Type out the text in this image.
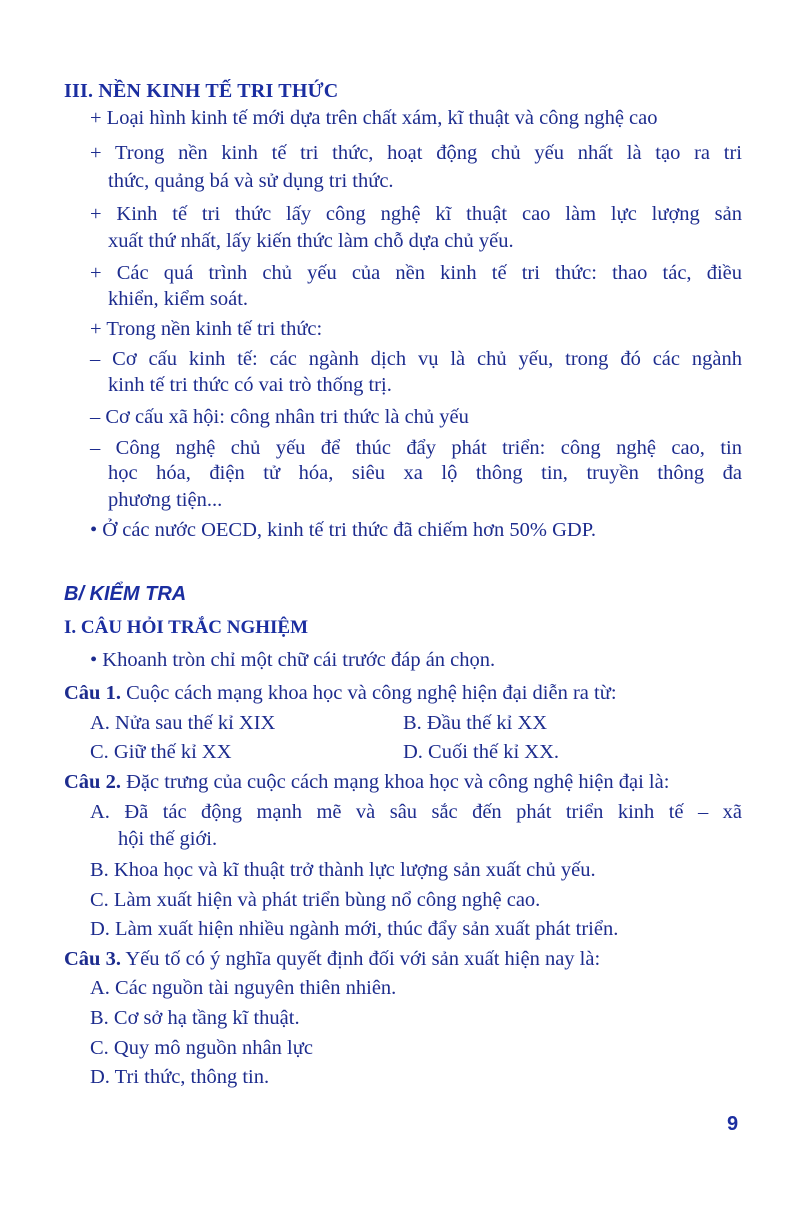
III. NỀN KINH TẾ TRI THỨC
+ Loại hình kinh tế mới dựa trên chất xám, kĩ thuật và công nghệ cao
+ Trong nền kinh tế tri thức, hoạt động chủ yếu nhất là tạo ra tri
thức, quảng bá và sử dụng tri thức.
+ Kinh tế tri thức lấy công nghệ kĩ thuật cao làm lực lượng sản
xuất thứ nhất, lấy kiến thức làm chỗ dựa chủ yếu.
+ Các quá trình chủ yếu của nền kinh tế tri thức: thao tác, điều
khiển, kiểm soát.
+ Trong nền kinh tế tri thức:
– Cơ cấu kinh tế: các ngành dịch vụ là chủ yếu, trong đó các ngành
kinh tế tri thức có vai trò thống trị.
– Cơ cấu xã hội: công nhân tri thức là chủ yếu
– Công nghệ chủ yếu để thúc đẩy phát triển: công nghệ cao, tin
học hóa, điện tử hóa, siêu xa lộ thông tin, truyền thông đa
phương tiện...
• Ở các nước OECD, kinh tế tri thức đã chiếm hơn 50% GDP.
B/ KIỂM TRA
I. CÂU HỎI TRẮC NGHIỆM
• Khoanh tròn chỉ một chữ cái trước đáp án chọn.
Câu 1. Cuộc cách mạng khoa học và công nghệ hiện đại diễn ra từ:
A. Nửa sau thế kỉ XIX	B. Đầu thế kỉ XX
C. Giữ thế kỉ XX	D. Cuối thế kỉ XX.
Câu 2. Đặc trưng của cuộc cách mạng khoa học và công nghệ hiện đại là:
A. Đã tác động mạnh mẽ và sâu sắc đến phát triển kinh tế – xã
hội thế giới.
B. Khoa học và kĩ thuật trở thành lực lượng sản xuất chủ yếu.
C. Làm xuất hiện và phát triển bùng nổ công nghệ cao.
D. Làm xuất hiện nhiều ngành mới, thúc đẩy sản xuất phát triển.
Câu 3. Yếu tố có ý nghĩa quyết định đối với sản xuất hiện nay là:
A. Các nguồn tài nguyên thiên nhiên.
B. Cơ sở hạ tầng kĩ thuật.
C. Quy mô nguồn nhân lực
D. Tri thức, thông tin.
9
